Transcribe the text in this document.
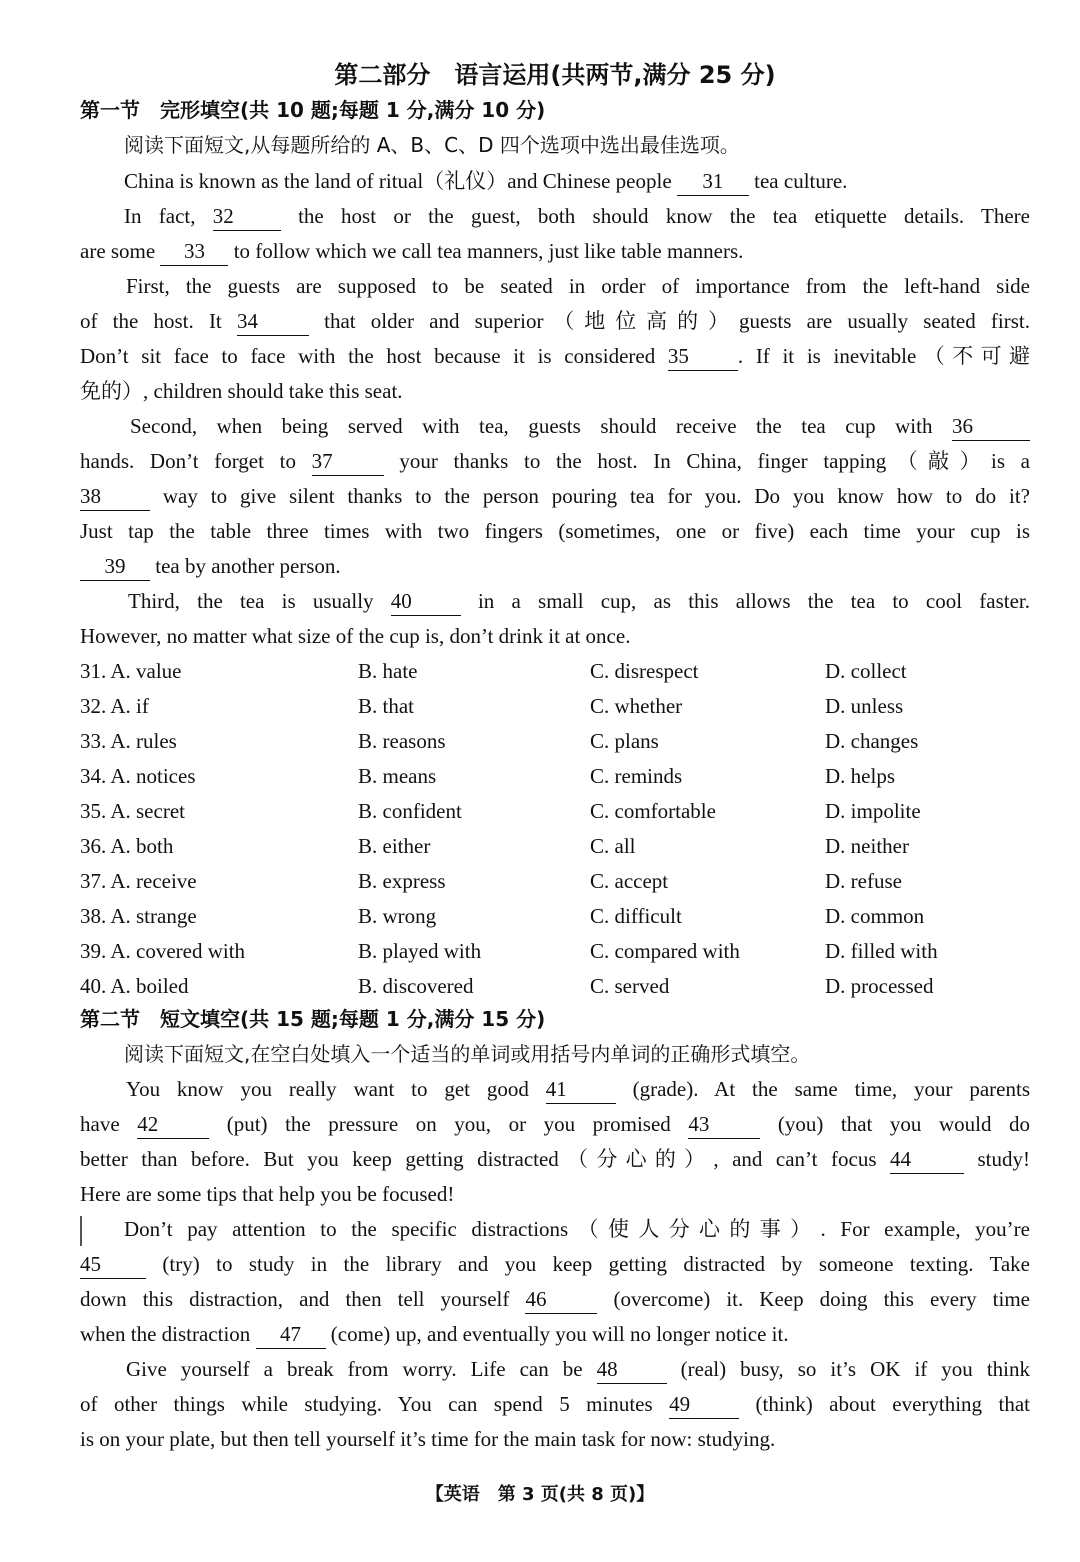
第二部分　语言运用(共两节,满分 25 分)
第一节　完形填空(共 10 题;每题 1 分,满分 10 分)
阅读下面短文,从每题所给的 A、B、C、D 四个选项中选出最佳选项。
China is known as the land of ritual（礼仪）and Chinese people 31 tea culture.
In fact, 32 the host or the guest, both should know the tea etiquette details. There
are some 33 to follow which we call tea manners, just like table manners.
First, the guests are supposed to be seated in order of importance from the left-hand side
of the host. It 34 that older and superior（地位高的）guests are usually seated first.
Don’t sit face to face with the host because it is considered 35 . If it is inevitable（不可避
免的）, children should take this seat.
Second, when being served with tea, guests should receive the tea cup with 36
hands. Don’t forget to 37 your thanks to the host. In China, finger tapping（敲）is a
38 way to give silent thanks to the person pouring tea for you. Do you know how to do it?
Just tap the table three times with two fingers (sometimes, one or five) each time your cup is
39 tea by another person.
Third, the tea is usually 40 in a small cup, as this allows the tea to cool faster.
However, no matter what size of the cup is, don’t drink it at once.
31. A. value	B. hate	C. disrespect	D. collect
32. A. if	B. that	C. whether	D. unless
33. A. rules	B. reasons	C. plans	D. changes
34. A. notices	B. means	C. reminds	D. helps
35. A. secret	B. confident	C. comfortable	D. impolite
36. A. both	B. either	C. all	D. neither
37. A. receive	B. express	C. accept	D. refuse
38. A. strange	B. wrong	C. difficult	D. common
39. A. covered with	B. played with	C. compared with	D. filled with
40. A. boiled	B. discovered	C. served	D. processed
第二节　短文填空(共 15 题;每题 1 分,满分 15 分)
阅读下面短文,在空白处填入一个适当的单词或用括号内单词的正确形式填空。
You know you really want to get good 41 (grade). At the same time, your parents
have 42 (put) the pressure on you, or you promised 43 (you) that you would do
better than before. But you keep getting distracted（分心的）, and can’t focus 44	study!
Here are some tips that help you be focused!
Don’t pay attention to the specific distractions（使人分心的事）. For example, you’re
45 (try) to study in the library and you keep getting distracted by someone texting. Take
down this distraction, and then tell yourself 46 (overcome) it. Keep doing this every time
when the distraction 47 (come) up, and eventually you will no longer notice it.
Give yourself a break from worry. Life can be 48 (real) busy, so it’s OK if you think
of other things while studying. You can spend 5 minutes 49 (think) about everything that
is on your plate, but then tell yourself it’s time for the main task for now: studying.
【英语　第 3 页(共 8 页)】
